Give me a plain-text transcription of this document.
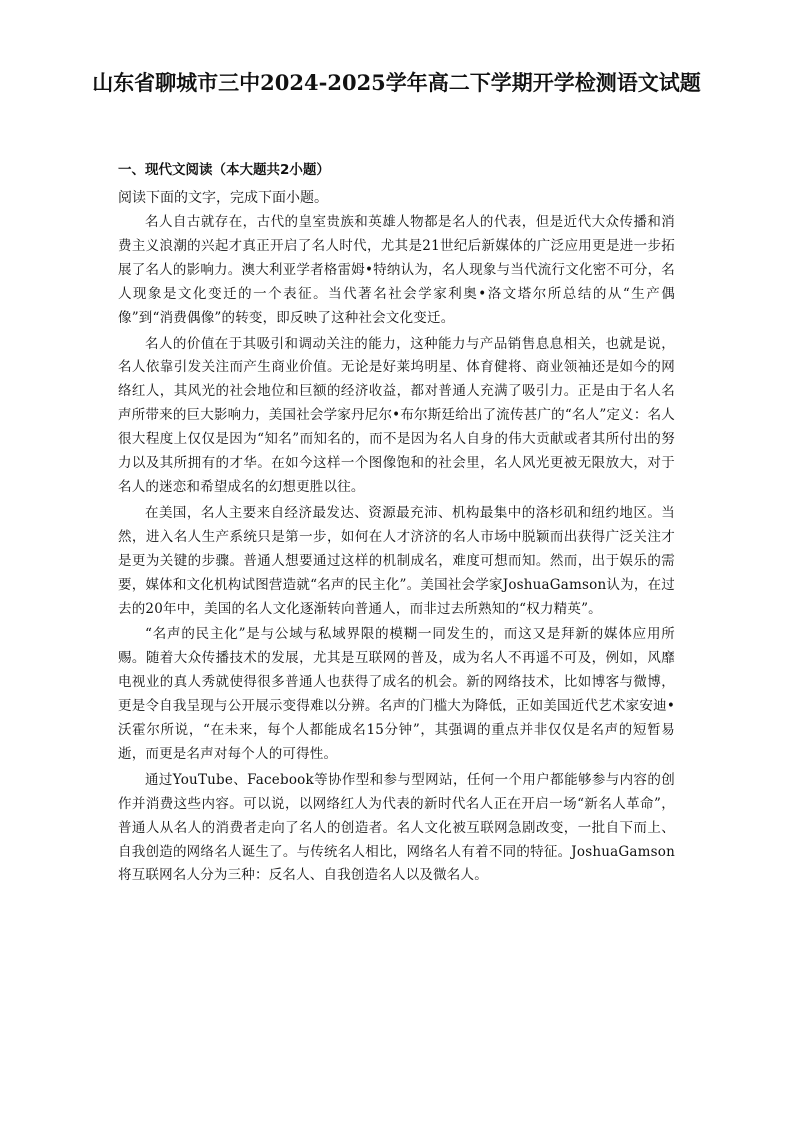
山东省聊城市三中2024-2025学年高二下学期开学检测语文试题
一、现代文阅读（本大题共2小题）
阅读下面的文字，完成下面小题。

名人自古就存在，古代的皇室贵族和英雄人物都是名人的代表，但是近代大众传播和消费主义浪潮的兴起才真正开启了名人时代，尤其是21世纪后新媒体的广泛应用更是进一步拓展了名人的影响力。澳大利亚学者格雷姆•特纳认为，名人现象与当代流行文化密不可分，名人现象是文化变迁的一个表征。当代著名社会学家利奥•洛文塔尔所总结的从“生产偶像”到“消费偶像”的转变，即反映了这种社会文化变迁。

名人的价值在于其吸引和调动关注的能力，这种能力与产品销售息息相关，也就是说，名人依靠引发关注而产生商业价值。无论是好莱坞明星、体育健将、商业领袖还是如今的网络红人，其风光的社会地位和巨额的经济收益，都对普通人充满了吸引力。正是由于名人名声所带来的巨大影响力，美国社会学家丹尼尔•布尔斯廷给出了流传甚广的“名人”定义：名人很大程度上仅仅是因为“知名”而知名的，而不是因为名人自身的伟大贡献或者其所付出的努力以及其所拥有的才华。在如今这样一个图像饱和的社会里，名人风光更被无限放大，对于名人的迷恋和希望成名的幻想更胜以往。

在美国，名人主要来自经济最发达、资源最充沛、机构最集中的洛杉矶和纽约地区。当然，进入名人生产系统只是第一步，如何在人才济济的名人市场中脱颖而出获得广泛关注才是更为关键的步骤。普通人想要通过这样的机制成名，难度可想而知。然而，出于娱乐的需要，媒体和文化机构试图营造就“名声的民主化”。美国社会学家JoshuaGamson认为，在过去的20年中，美国的名人文化逐渐转向普通人，而非过去所熟知的“权力精英”。

“名声的民主化”是与公域与私域界限的模糊一同发生的，而这又是拜新的媒体应用所赐。随着大众传播技术的发展，尤其是互联网的普及，成为名人不再遥不可及，例如，风靡电视业的真人秀就使得很多普通人也获得了成名的机会。新的网络技术，比如博客与微博，更是令自我呈现与公开展示变得难以分辨。名声的门槛大为降低，正如美国近代艺术家安迪•沃霍尔所说，“在未来，每个人都能成名15分钟”，其强调的重点并非仅仅是名声的短暂易逝，而更是名声对每个人的可得性。

通过YouTube、Facebook等协作型和参与型网站，任何一个用户都能够参与内容的创作并消费这些内容。可以说，以网络红人为代表的新时代名人正在开启一场“新名人革命”，普通人从名人的消费者走向了名人的创造者。名人文化被互联网急剧改变，一批自下而上、自我创造的网络名人诞生了。与传统名人相比，网络名人有着不同的特征。JoshuaGamson将互联网名人分为三种：反名人、自我创造名人以及微名人。
